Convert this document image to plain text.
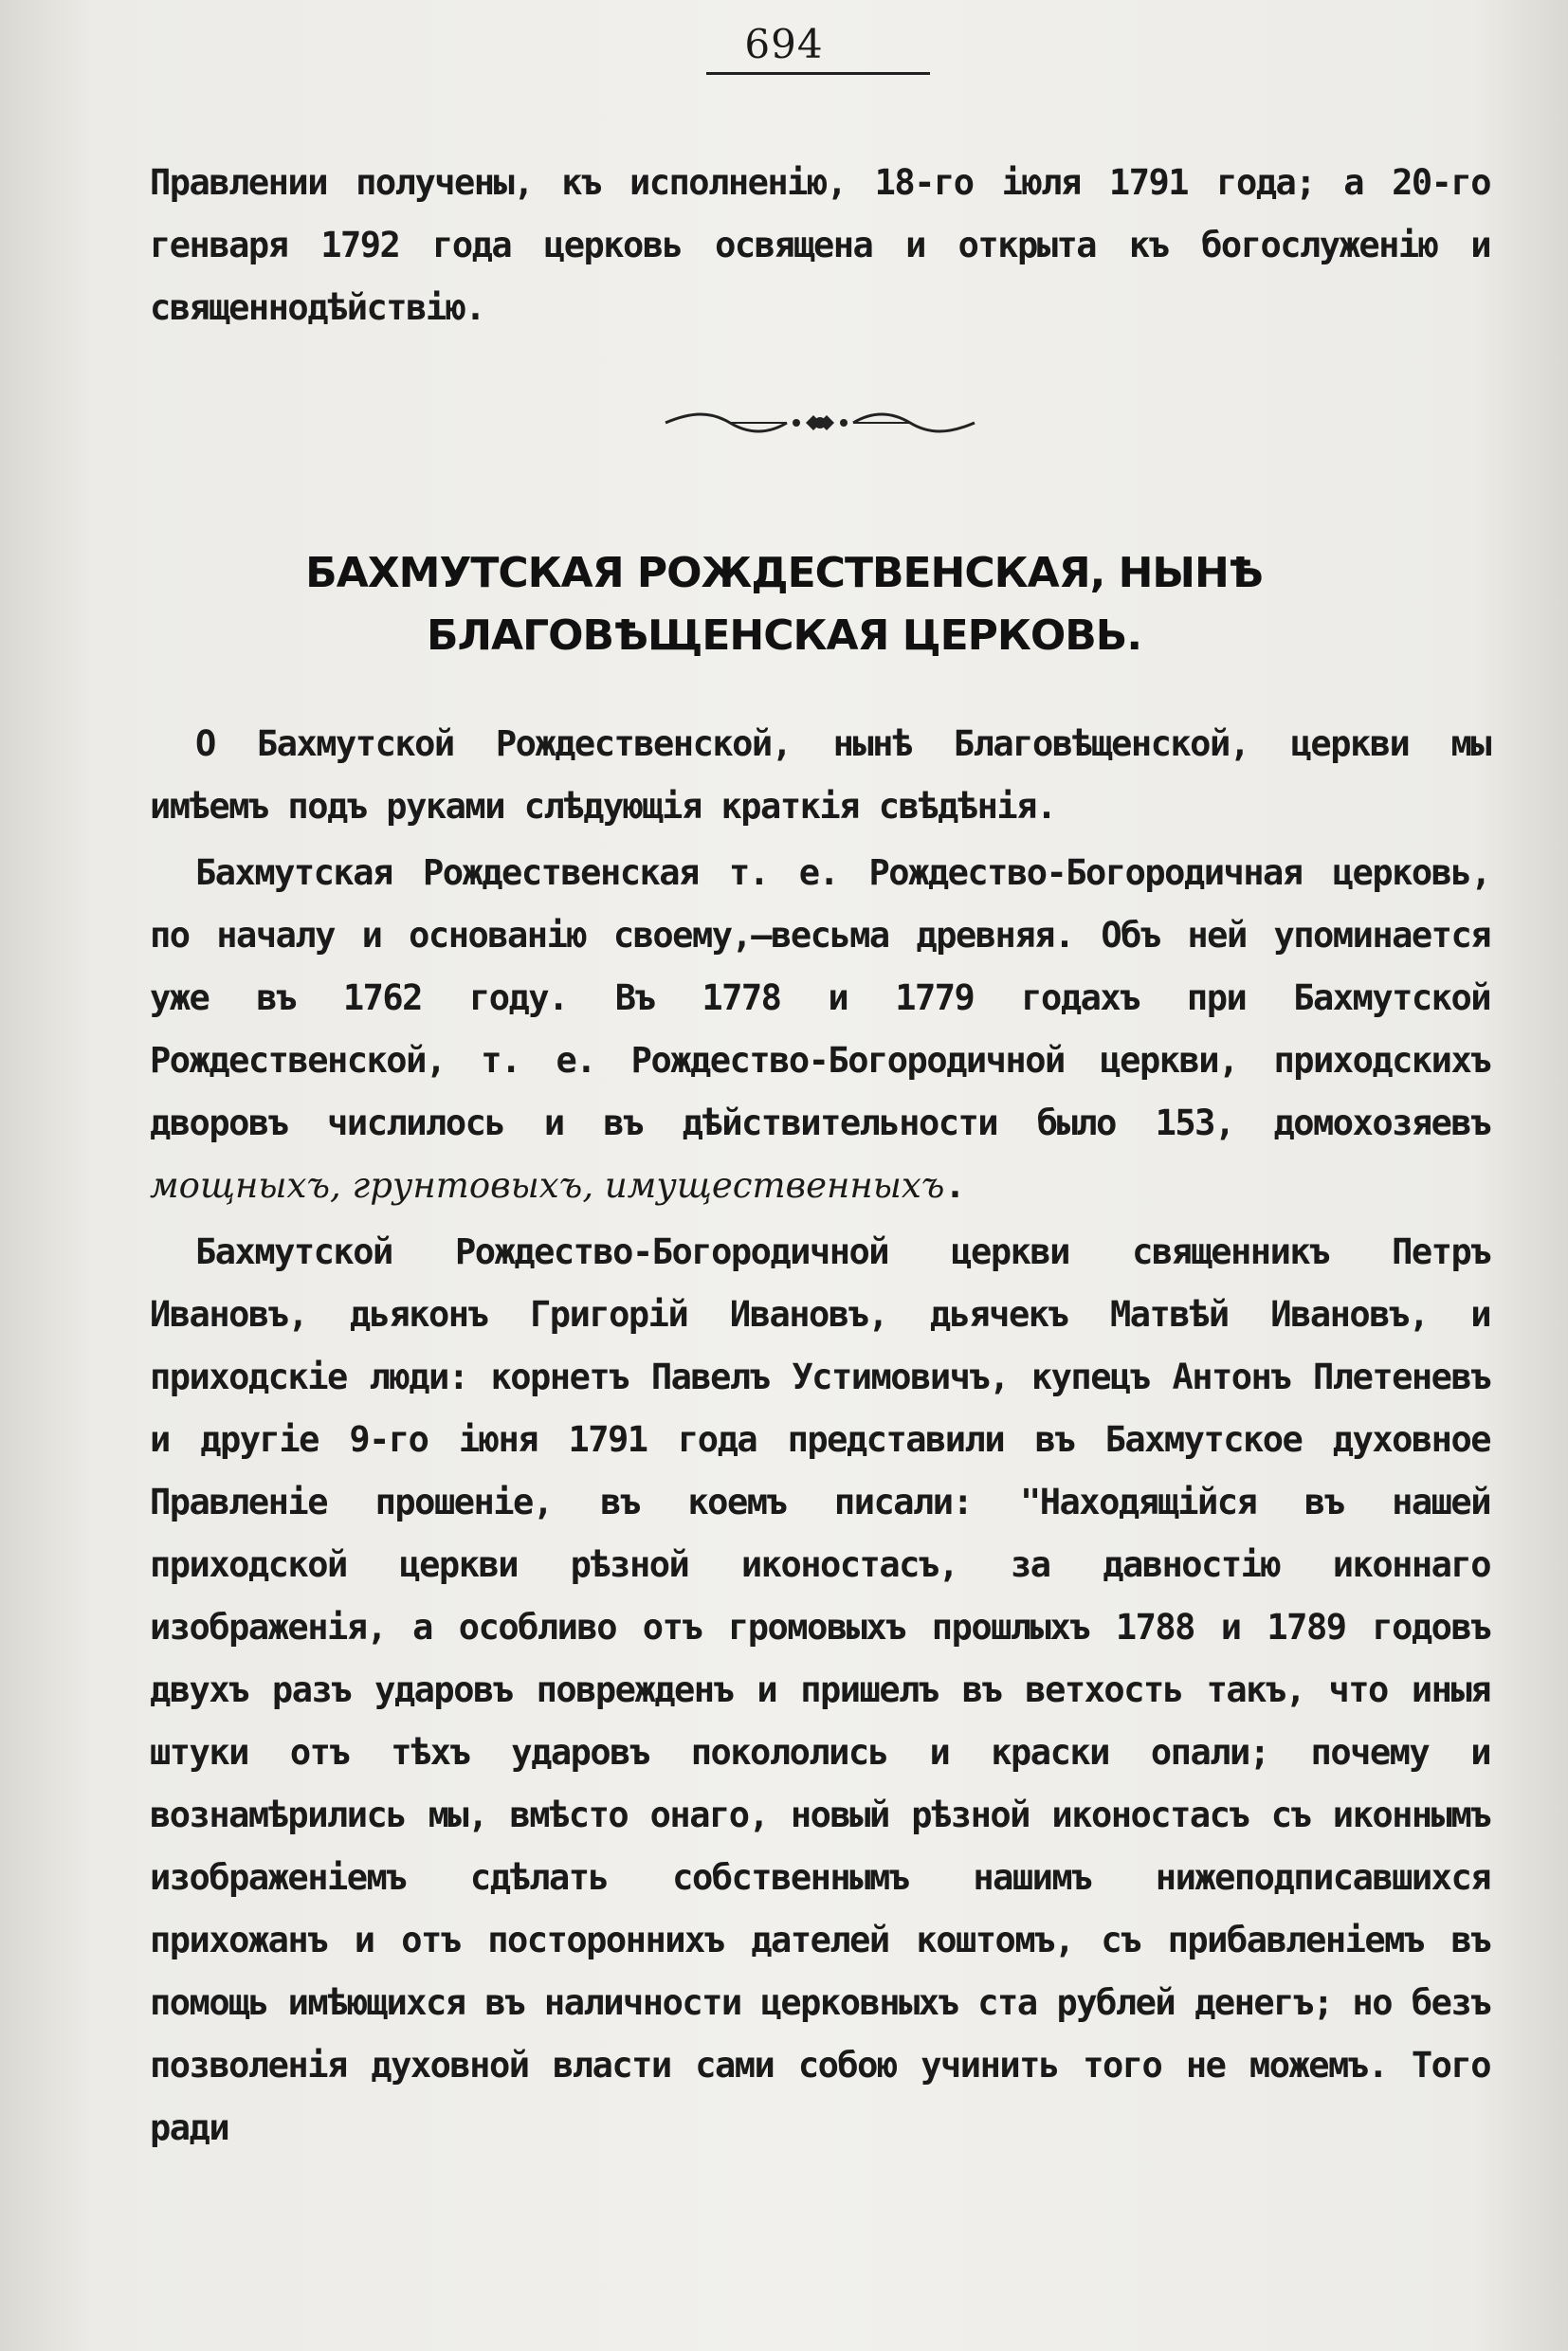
694

Правлении получены, къ исполненію, 18-го іюля 1791 года; а 20-го генваря 1792 года церковь освящена и открыта къ богослуженію и священнодѣйствію.

БАХМУТСКАЯ РОЖДЕСТВЕНСКАЯ, НЫНѢ БЛАГОВѢЩЕНСКАЯ ЦЕРКОВЬ.

О Бахмутской Рождественской, нынѣ Благовѣщенской, церкви мы имѣемъ подъ руками слѣдующія краткія свѣдѣнія.

Бахмутская Рождественская т. е. Рождество-Богородичная церковь, по началу и основанію своему,—весьма древняя. Объ ней упоминается уже въ 1762 году. Въ 1778 и 1779 годахъ при Бахмутской Рождественской, т. е. Рождество-Богородичной церкви, приходскихъ дворовъ числилось и въ дѣйствительности было 153, домохозяевъ мощныхъ, грунтовыхъ, имущественныхъ.

Бахмутской Рождество-Богородичной церкви священникъ Петръ Ивановъ, дьяконъ Григорій Ивановъ, дьячекъ Матвѣй Ивановъ, и приходскіе люди: корнетъ Павелъ Устимовичъ, купецъ Антонъ Плетеневъ и другіе 9-го іюня 1791 года представили въ Бахмутское духовное Правленіе прошеніе, въ коемъ писали: "Находящійся въ нашей приходской церкви рѣзной иконостасъ, за давностію иконнаго изображенія, а особливо отъ громовыхъ прошлыхъ 1788 и 1789 годовъ двухъ разъ ударовъ поврежденъ и пришелъ въ ветхость такъ, что иныя штуки отъ тѣхъ ударовъ покололись и краски опали; почему и вознамѣрились мы, вмѣсто онаго, новый рѣзной иконостасъ съ иконнымъ изображеніемъ сдѣлать собственнымъ нашимъ нижеподписавшихся прихожанъ и отъ постороннихъ дателей коштомъ, съ прибавленіемъ въ помощь имѣющихся въ наличности церковныхъ ста рублей денегъ; но безъ позволенія духовной власти сами собою учинить того не можемъ. Того ради
